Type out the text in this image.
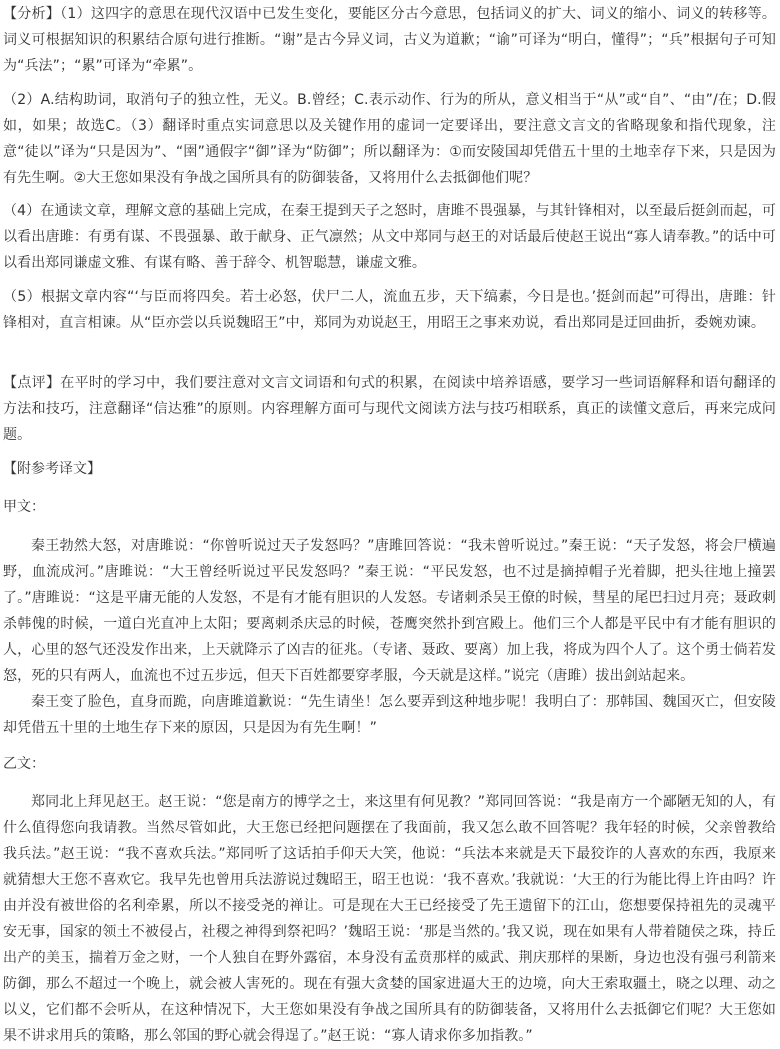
【分析】（1）这四字的意思在现代汉语中已发生变化，要能区分古今意思，包括词义的扩大、词义的缩小、词义的转移等。词义可根据知识的积累结合原句进行推断。“谢”是古今异义词，古义为道歉；“谕”可译为“明白，懂得”；“兵”根据句子可知为“兵法”；“累”可译为“牵累”。

（2）A.结构助词，取消句子的独立性，无义。B.曾经；C.表示动作、行为的所从，意义相当于“从”或“自”、“由”/在；D.假如，如果；故选C。（3）翻译时重点实词意思以及关键作用的虚词一定要译出，要注意文言文的省略现象和指代现象，注意“徒以”译为“只是因为”、“圉”通假字“御”译为“防御”；所以翻译为：①而安陵国却凭借五十里的土地幸存下来，只是因为有先生啊。②大王您如果没有争战之国所具有的防御装备，又将用什么去抵御他们呢？

（4）在通读文章，理解文意的基础上完成，在秦王提到天子之怒时，唐雎不畏强暴，与其针锋相对，以至最后挺剑而起，可以看出唐雎：有勇有谋、不畏强暴、敢于献身、正气凛然；从文中郑同与赵王的对话最后使赵王说出“寡人请奉教。”的话中可以看出郑同谦虚文雅、有谋有略、善于辞令、机智聪慧，谦虚文雅。

（5）根据文章内容“‘与臣而将四矣。若士必怒，伏尸二人，流血五步，天下缟素，今日是也。’挺剑而起”可得出，唐雎：针锋相对，直言相谏。从“臣亦尝以兵说魏昭王”中，郑同为劝说赵王，用昭王之事来劝说，看出郑同是迂回曲折，委婉劝谏。

【点评】在平时的学习中，我们要注意对文言文词语和句式的积累，在阅读中培养语感，要学习一些词语解释和语句翻译的方法和技巧，注意翻译“信达雅”的原则。内容理解方面可与现代文阅读方法与技巧相联系，真正的读懂文意后，再来完成问题。

【附参考译文】

甲文：

秦王勃然大怒，对唐雎说：“你曾听说过天子发怒吗？”唐雎回答说：“我未曾听说过。”秦王说：“天子发怒，将会尸横遍野，血流成河。”唐雎说：“大王曾经听说过平民发怒吗？”秦王说：“平民发怒，也不过是摘掉帽子光着脚，把头往地上撞罢了。”唐雎说：“这是平庸无能的人发怒，不是有才能有胆识的人发怒。专诸刺杀吴王僚的时候，彗星的尾巴扫过月亮；聂政刺杀韩傀的时候，一道白光直冲上太阳；要离刺杀庆忌的时候，苍鹰突然扑到宫殿上。他们三个人都是平民中有才能有胆识的人，心里的怒气还没发作出来，上天就降示了凶吉的征兆。（专诸、聂政、要离）加上我，将成为四个人了。这个勇士倘若发怒，死的只有两人，血流也不过五步远，但天下百姓都要穿孝服，今天就是这样。”说完（唐雎）拔出剑站起来。

秦王变了脸色，直身而跪，向唐雎道歉说：“先生请坐！怎么要弄到这种地步呢！我明白了：那韩国、魏国灭亡，但安陵却凭借五十里的土地生存下来的原因，只是因为有先生啊！”

乙文：

郑同北上拜见赵王。赵王说：“您是南方的博学之士，来这里有何见教？”郑同回答说：“我是南方一个鄙陋无知的人，有什么值得您向我请教。当然尽管如此，大王您已经把问题摆在了我面前，我又怎么敢不回答呢？我年轻的时候，父亲曾教给我兵法。”赵王说：“我不喜欢兵法。”郑同听了这话拍手仰天大笑，他说：“兵法本来就是天下最狡诈的人喜欢的东西，我原来就猜想大王您不喜欢它。我早先也曾用兵法游说过魏昭王，昭王也说：‘我不喜欢。’我就说：‘大王的行为能比得上许由吗？许由并没有被世俗的名利牵累，所以不接受尧的禅让。可是现在大王已经接受了先王遗留下的江山，您想要保持祖先的灵魂平安无事，国家的领土不被侵占，社稷之神得到祭祀吗？’魏昭王说：‘那是当然的。’我又说，现在如果有人带着随侯之珠，持丘出产的美玉，揣着万金之财，一个人独自在野外露宿，本身没有孟贲那样的威武、荆庆那样的果断，身边也没有强弓利箭来防御，那么不超过一个晚上，就会被人害死的。现在有强大贪婪的国家进逼大王的边境，向大王索取疆土，晓之以理、动之以义，它们都不会听从，在这种情况下，大王您如果没有争战之国所具有的防御装备，又将用什么去抵御它们呢？大王您如果不讲求用兵的策略，那么邻国的野心就会得逞了。”赵王说：“寡人请求你多加指教。”
